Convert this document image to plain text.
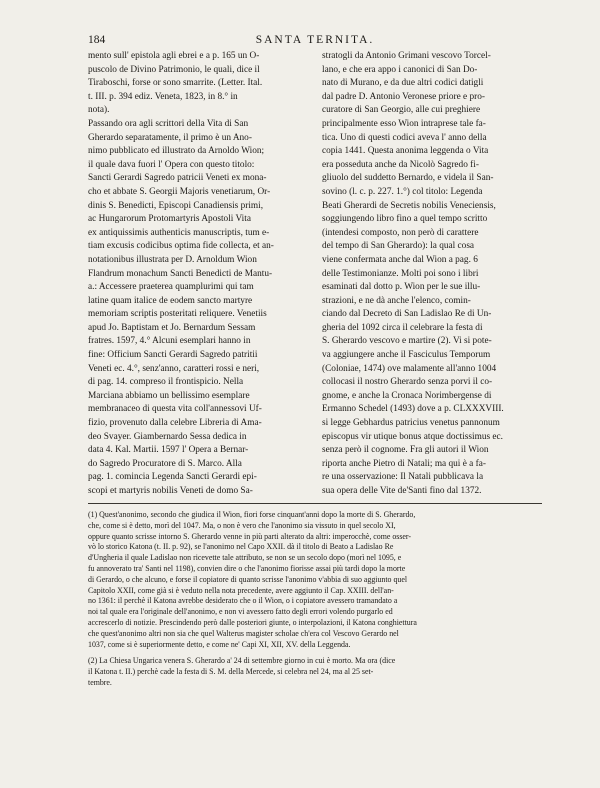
184	SANTA TERNITA.
mento sull' epistola agli ebrei e a p. 165 un O-
puscolo de Divino Patrimonio, le quali, dice il
Tiraboschi, forse or sono smarrite. (Letter. Ital.
t. III. p. 394 ediz. Veneta, 1823, in 8.° in
nota).
Passando ora agli scrittori della Vita di San
Gherardo separatamente, il primo è un Ano-
nimo pubblicato ed illustrato da Arnoldo Wion;
il quale dava fuori l' Opera con questo titolo:
Sancti Gerardi Sagredo patricii Veneti ex mona-
cho et abbate S. Georgii Majoris venetiarum, Or-
dinis S. Benedicti, Episcopi Canadiensis primi,
ac Hungarorum Protomartyris Apostoli Vita
ex antiquissimis authenticis manuscriptis, tum e-
tiam excusis codicibus optima fide collecta, et an-
notationibus illustrata per D. Arnoldum Wion
Flandrum monachum Sancti Benedicti de Mantu-
a.: Accessere praeterea quamplurimi qui tam
latine quam italice de eodem sancto martyre
memoriam scriptis posteritati reliquere. Venetiis
apud Jo. Baptistam et Jo. Bernardum Sessam
fratres. 1597, 4.° Alcuni esemplari hanno in
fine: Officium Sancti Gerardi Sagredo patritii
Veneti ec. 4.°, senz'anno, caratteri rossi e neri,
di pag. 14. compreso il frontispicio. Nella
Marciana abbiamo un bellissimo esemplare
membranaceo di questa vita coll'annessovi Uf-
fizio, provenuto dalla celebre Libreria di Ama-
deo Svayer. Giambernardo Sessa dedica in
data 4. Kal. Martii. 1597 l' Opera a Bernar-
do Sagredo Procuratore di S. Marco. Alla
pag. 1. comincia Legenda Sancti Gerardi epi-
scopi et martyris nobilis Veneti de domo Sa-
stratogli da Antonio Grimani vescovo Torcel-
lano, e che era appo i canonici di San Do-
nato di Murano, e da due altri codici datigli
dal padre D. Antonio Veronese priore e pro-
curatore di San Georgio, alle cui preghiere
principalmente esso Wion intraprese tale fa-
tica. Uno di questi codici aveva l' anno della
copia 1441. Questa anonima leggenda o Vita
era posseduta anche da Nicolò Sagredo fi-
gliuolo del suddetto Bernardo, e videla il San-
sovino (l. c. p. 227. 1.°) col titolo: Legenda
Beati Gherardi de Secretis nobilis Veneciensis,
soggiungendo libro fino a quel tempo scritto
(intendesi composto, non però di carattere
del tempo di San Gherardo): la qual cosa
viene confermata anche dal Wion a pag. 6
delle Testimonianze. Molti poi sono i libri
esaminati dal dotto p. Wion per le sue illu-
strazioni, e ne dà anche l'elenco, comin-
ciando dal Decreto di San Ladislao Re di Un-
gheria del 1092 circa il celebrare la festa di
S. Gherardo vescovo e martire (2). Vi si pote-
va aggiungere anche il Fasciculus Temporum
(Coloniae, 1474) ove malamente all'anno 1004
collocasi il nostro Gherardo senza porvi il co-
gnome, e anche la Cronaca Norimbergense di
Ermanno Schedel (1493) dove a p. CLXXXVIII.
si legge Gebhardus patricius venetus pannonum
episcopus vir utique bonus atque doctissimus ec.
senza però il cognome. Fra gli autori il Wion
riporta anche Pietro di Natali; ma qui è a fa-
re una osservazione: Il Natali pubblicava la
sua opera delle Vite de'Santi fino dal 1372.
(1) Quest'anonimo, secondo che giudica il Wion, fiori forse cinquant'anni dopo la morte di S. Gherardo,
che, come si è detto, morì del 1047. Ma, o non è vero che l'anonimo sia vissuto in quel secolo XI,
oppure quanto scrisse intorno S. Gherardo venne in più parti alterato da altri: imperocchè, come osser-
vò lo storico Katona (t. II. p. 92), se l'anonimo nel Capo XXII. dà il titolo di Beato a Ladislao Re
d'Ungheria il quale Ladislao non ricevette tale attributo, se non se un secolo dopo (morì nel 1095, e
fu annoverato tra' Santi nel 1198), convien dire o che l'anonimo fiorisse assai più tardi dopo la morte
di Gerardo, o che alcuno, e forse il copiatore di quanto scrisse l'anonimo v'abbia di suo aggiunto quel
Capitolo XXII, come già si è veduto nella nota precedente, avere aggiunto il Cap. XXIII. dell'an-
no 1361: il perchè il Katona avrebbe desiderato che o il Wion, o i copiatore avessero tramandato a
noi tal quale era l'originale dell'anonimo, e non vi avessero fatto degli errori volendo purgarlo ed
accrescerlo di notizie. Prescindendo però dalle posteriori giunte, o interpolazioni, il Katona conghiettura
che quest'anonimo altri non sia che quel Walterus magister scholae ch'era col Vescovo Gerardo nel
1037, come si è superiormente detto, e come ne' Capi XI, XII, XV. della Leggenda.
(2) La Chiesa Ungarica venera S. Gherardo a' 24 di settembre giorno in cui è morto. Ma ora (dice
il Katona t. II.) perchè cade la festa di S. M. della Mercede, si celebra nel 24, ma al 25 set-
tembre.
